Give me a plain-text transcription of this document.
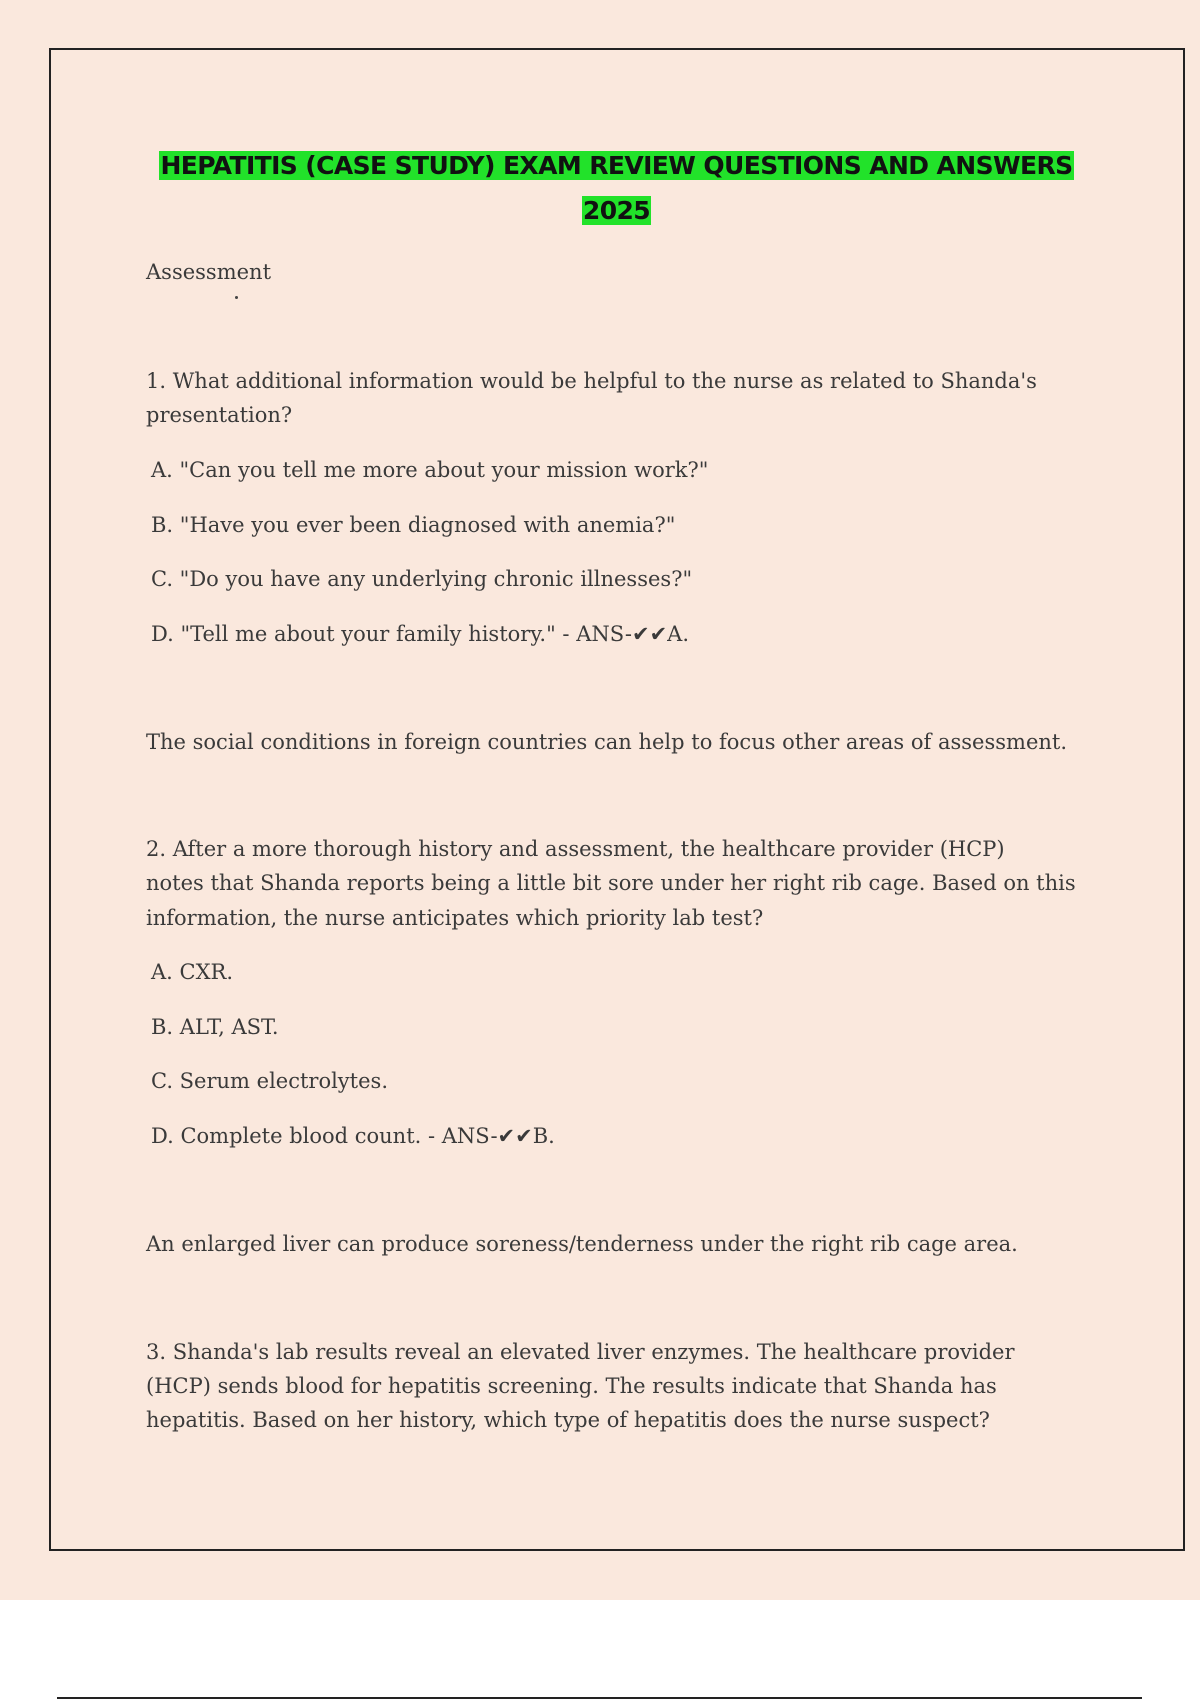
HEPATITIS (CASE STUDY) EXAM REVIEW QUESTIONS AND ANSWERS
2025
Assessment
1. What additional information would be helpful to the nurse as related to Shanda's
presentation?
A. "Can you tell me more about your mission work?"
B. "Have you ever been diagnosed with anemia?"
C. "Do you have any underlying chronic illnesses?"
D. "Tell me about your family history." - ANS-✔✔A.
The social conditions in foreign countries can help to focus other areas of assessment.
2. After a more thorough history and assessment, the healthcare provider (HCP)
notes that Shanda reports being a little bit sore under her right rib cage. Based on this
information, the nurse anticipates which priority lab test?
A. CXR.
B. ALT, AST.
C. Serum electrolytes.
D. Complete blood count. - ANS-✔✔B.
An enlarged liver can produce soreness/tenderness under the right rib cage area.
3. Shanda's lab results reveal an elevated liver enzymes. The healthcare provider
(HCP) sends blood for hepatitis screening. The results indicate that Shanda has
hepatitis. Based on her history, which type of hepatitis does the nurse suspect?
